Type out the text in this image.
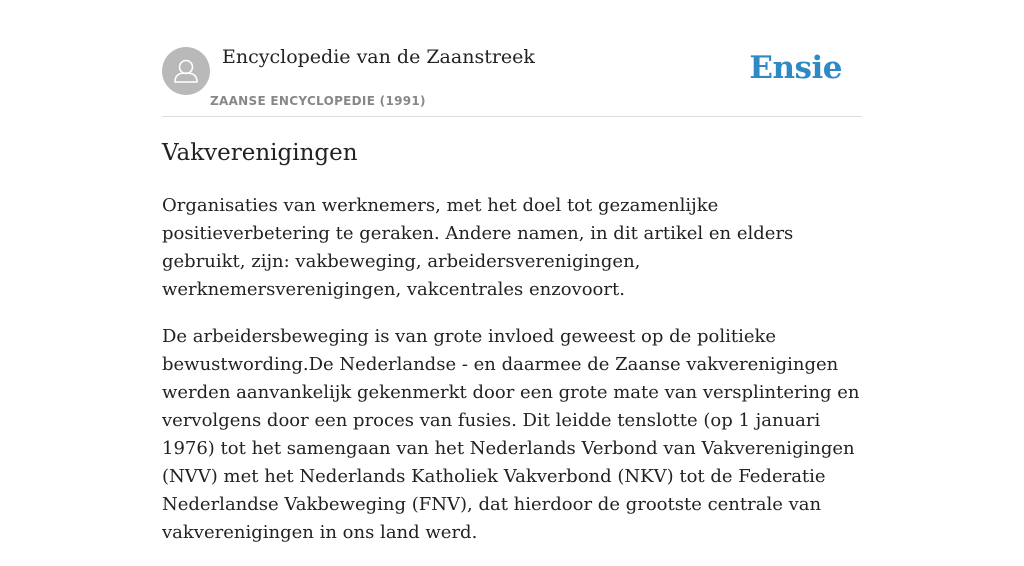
Encyclopedie van de Zaanstreek
ZAANSE ENCYCLOPEDIE (1991)
Ensie
Vakverenigingen

Organisaties van werknemers, met het doel tot gezamenlijke positieverbetering te geraken. Andere namen, in dit artikel en elders gebruikt, zijn: vakbeweging, arbeidersverenigingen, werknemersverenigingen, vakcentrales enzovoort.

De arbeidersbeweging is van grote invloed geweest op de politieke bewustwording.De Nederlandse - en daarmee de Zaanse vakverenigingen werden aanvankelijk gekenmerkt door een grote mate van versplintering en vervolgens door een proces van fusies. Dit leidde tenslotte (op 1 januari 1976) tot het samengaan van het Nederlands Verbond van Vakverenigingen (NVV) met het Nederlands Katholiek Vakverbond (NKV) tot de Federatie Nederlandse Vakbeweging (FNV), dat hierdoor de grootste centrale van vakverenigingen in ons land werd.
